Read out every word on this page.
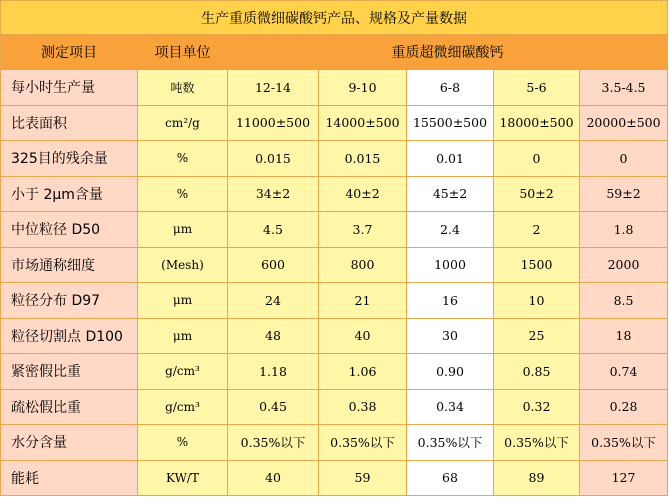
生产重质微细碳酸钙产品、规格及产量数据						
测定项目	项目单位	重质超微细碳酸钙				
每小时生产量	吨数	12-14	9-10	6-8	5-6	3.5-4.5
比表面积	cm²/g	11000±500	14000±500	15500±500	18000±500	20000±500
325目的残余量	%	0.015	0.015	0.01	0	0
小于 2μm含量	%	34±2	40±2	45±2	50±2	59±2
中位粒径 D50	μm	4.5	3.7	2.4	2	1.8
市场通称细度	(Mesh)	600	800	1000	1500	2000
粒径分布 D97	μm	24	21	16	10	8.5
粒径切割点 D100	μm	48	40	30	25	18
紧密假比重	g/cm³	1.18	1.06	0.90	0.85	0.74
疏松假比重	g/cm³	0.45	0.38	0.34	0.32	0.28
水分含量	%	0.35%以下	0.35%以下	0.35%以下	0.35%以下	0.35%以下
能耗	KW/T	40	59	68	89	127
